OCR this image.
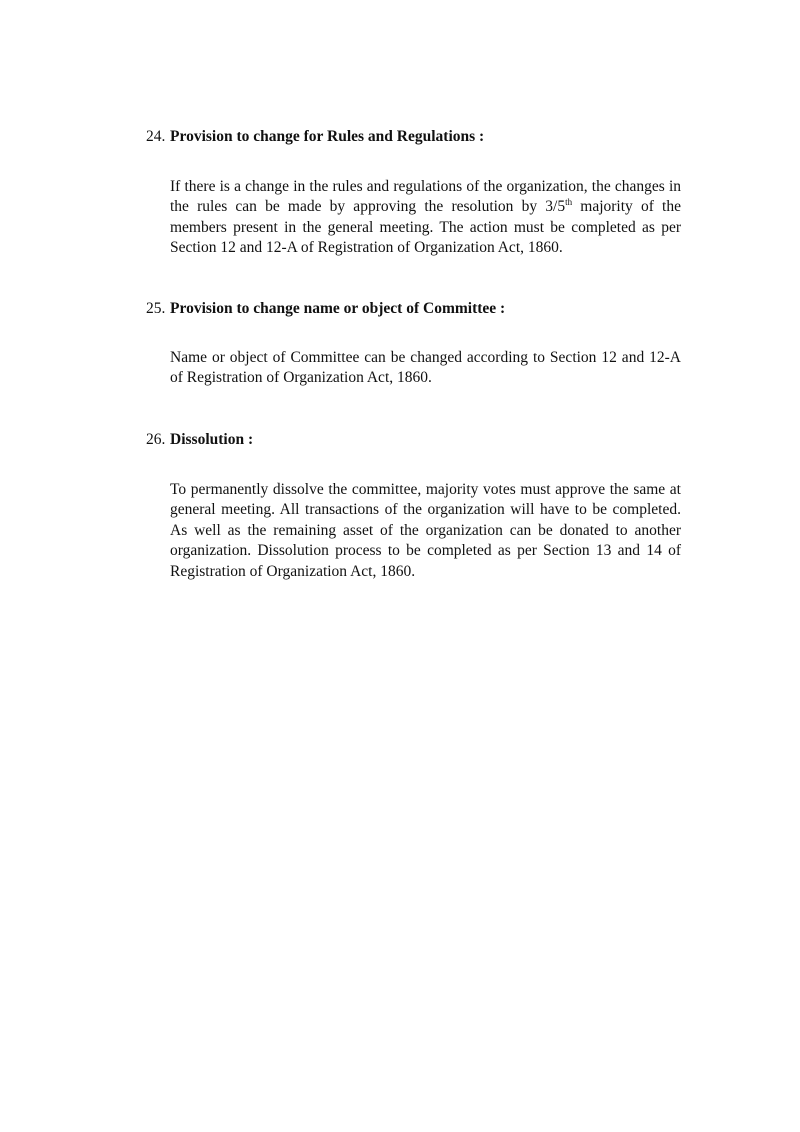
24. Provision to change for Rules and Regulations :

If there is a change in the rules and regulations of the organization, the changes in the rules can be made by approving the resolution by 3/5th majority of the members present in the general meeting. The action must be completed as per Section 12 and 12-A of Registration of Organization Act, 1860.

25. Provision to change name or object of Committee :

Name or object of Committee can be changed according to Section 12 and 12-A of Registration of Organization Act, 1860.

26. Dissolution :

To permanently dissolve the committee, majority votes must approve the same at general meeting. All transactions of the organization will have to be completed. As well as the remaining asset of the organization can be donated to another organization. Dissolution process to be completed as per Section 13 and 14 of Registration of Organization Act, 1860.
